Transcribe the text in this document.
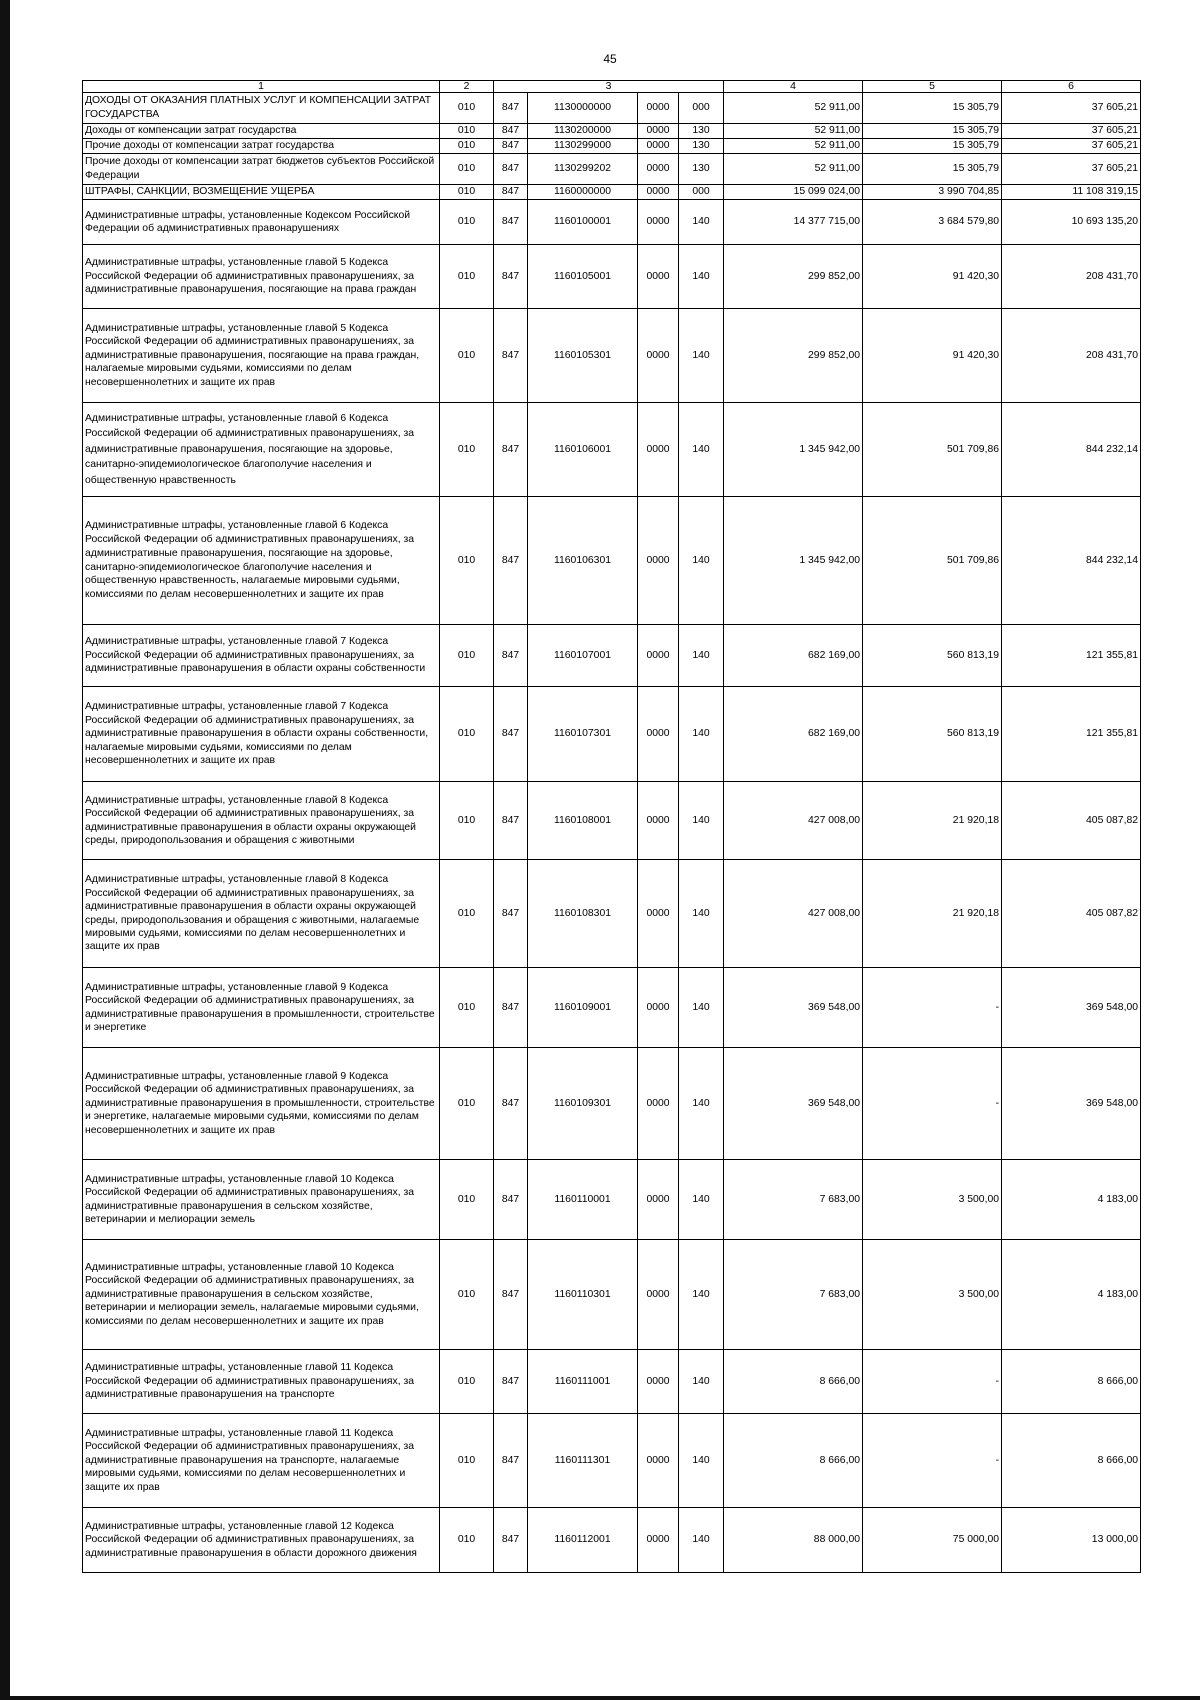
45
1	2	3				4	5	6
ДОХОДЫ ОТ ОКАЗАНИЯ ПЛАТНЫХ УСЛУГ И КОМПЕНСАЦИИ ЗАТРАТ ГОСУДАРСТВА	010	847	1130000000	0000	000	52 911,00	15 305,79	37 605,21
Доходы от компенсации затрат государства	010	847	1130200000	0000	130	52 911,00	15 305,79	37 605,21
Прочие доходы от компенсации затрат государства	010	847	1130299000	0000	130	52 911,00	15 305,79	37 605,21
Прочие доходы от компенсации затрат бюджетов субъектов Российской Федерации	010	847	1130299202	0000	130	52 911,00	15 305,79	37 605,21
ШТРАФЫ, САНКЦИИ, ВОЗМЕЩЕНИЕ УЩЕРБА	010	847	1160000000	0000	000	15 099 024,00	3 990 704,85	11 108 319,15
Административные штрафы, установленные Кодексом Российской Федерации об административных правонарушениях	010	847	1160100001	0000	140	14 377 715,00	3 684 579,80	10 693 135,20
Административные штрафы, установленные главой 5 Кодекса Российской Федерации об административных правонарушениях, за административные правонарушения, посягающие на права граждан	010	847	1160105001	0000	140	299 852,00	91 420,30	208 431,70
Административные штрафы, установленные главой 5 Кодекса Российской Федерации об административных правонарушениях, за административные правонарушения, посягающие на права граждан, налагаемые мировыми судьями, комиссиями по делам несовершеннолетних и защите их прав	010	847	1160105301	0000	140	299 852,00	91 420,30	208 431,70
Административные штрафы, установленные главой 6 Кодекса Российской Федерации об административных правонарушениях, за административные правонарушения, посягающие на здоровье, санитарно-эпидемиологическое благополучие населения и общественную нравственность	010	847	1160106001	0000	140	1 345 942,00	501 709,86	844 232,14
Административные штрафы, установленные главой 6 Кодекса Российской Федерации об административных правонарушениях, за административные правонарушения, посягающие на здоровье, санитарно-эпидемиологическое благополучие населения и общественную нравственность, налагаемые мировыми судьями, комиссиями по делам несовершеннолетних и защите их прав	010	847	1160106301	0000	140	1 345 942,00	501 709,86	844 232,14
Административные штрафы, установленные главой 7 Кодекса Российской Федерации об административных правонарушениях, за административные правонарушения в области охраны собственности	010	847	1160107001	0000	140	682 169,00	560 813,19	121 355,81
Административные штрафы, установленные главой 7 Кодекса Российской Федерации об административных правонарушениях, за административные правонарушения в области охраны собственности, налагаемые мировыми судьями, комиссиями по делам несовершеннолетних и защите их прав	010	847	1160107301	0000	140	682 169,00	560 813,19	121 355,81
Административные штрафы, установленные главой 8 Кодекса Российской Федерации об административных правонарушениях, за административные правонарушения в области охраны окружающей среды, природопользования и обращения с животными	010	847	1160108001	0000	140	427 008,00	21 920,18	405 087,82
Административные штрафы, установленные главой 8 Кодекса Российской Федерации об административных правонарушениях, за административные правонарушения в области охраны окружающей среды, природопользования и обращения с животными, налагаемые мировыми судьями, комиссиями по делам несовершеннолетних и защите их прав	010	847	1160108301	0000	140	427 008,00	21 920,18	405 087,82
Административные штрафы, установленные главой 9 Кодекса Российской Федерации об административных правонарушениях, за административные правонарушения в промышленности, строительстве и энергетике	010	847	1160109001	0000	140	369 548,00	-	369 548,00
Административные штрафы, установленные главой 9 Кодекса Российской Федерации об административных правонарушениях, за административные правонарушения в промышленности, строительстве и энергетике, налагаемые мировыми судьями, комиссиями по делам несовершеннолетних и защите их прав	010	847	1160109301	0000	140	369 548,00	-	369 548,00
Административные штрафы, установленные главой 10 Кодекса Российской Федерации об административных правонарушениях, за административные правонарушения в сельском хозяйстве, ветеринарии и мелиорации земель	010	847	1160110001	0000	140	7 683,00	3 500,00	4 183,00
Административные штрафы, установленные главой 10 Кодекса Российской Федерации об административных правонарушениях, за административные правонарушения в сельском хозяйстве, ветеринарии и мелиорации земель, налагаемые мировыми судьями, комиссиями по делам несовершеннолетних и защите их прав	010	847	1160110301	0000	140	7 683,00	3 500,00	4 183,00
Административные штрафы, установленные главой 11 Кодекса Российской Федерации об административных правонарушениях, за административные правонарушения на транспорте	010	847	1160111001	0000	140	8 666,00	-	8 666,00
Административные штрафы, установленные главой 11 Кодекса Российской Федерации об административных правонарушениях, за административные правонарушения на транспорте, налагаемые мировыми судьями, комиссиями по делам несовершеннолетних и защите их прав	010	847	1160111301	0000	140	8 666,00	-	8 666,00
Административные штрафы, установленные главой 12 Кодекса Российской Федерации об административных правонарушениях, за административные правонарушения в области дорожного движения	010	847	1160112001	0000	140	88 000,00	75 000,00	13 000,00
